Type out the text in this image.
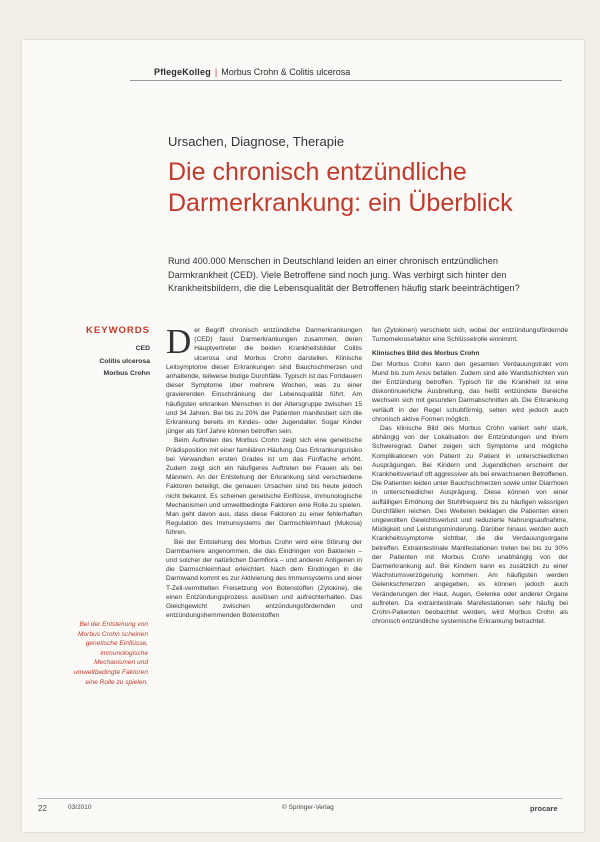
PflegeKolleg | Morbus Crohn & Colitis ulcerosa
Ursachen, Diagnose, Therapie
Die chronisch entzündliche
Darmerkrankung: ein Überblick
Rund 400.000 Menschen in Deutschland leiden an einer chronisch entzündlichen
Darmkrankheit (CED). Viele Betroffene sind noch jung. Was verbirgt sich hinter den
Krankheitsbildern, die die Lebensqualität der Betroffenen häufig stark beeinträchtigen?
KEYWORDS
CED
Colitis ulcerosa
Morbus Crohn
Bei der Entstehung von Morbus Crohn scheinen genetische Einflüsse, immunologische Mechanismen und umweltbedingte Faktoren eine Rolle zu spielen.

Der Begriff chronisch entzündliche Darmerkrankungen (CED) fasst Darmerkrankungen zusammen, deren Hauptvertreter die beiden Krankheitsbilder Colitis ulcerosa und Morbus Crohn darstellen. Klinische Leitsymptome dieser Erkrankungen sind Bauchschmerzen und anhaltende, teilweise blutige Durchfälle. Typisch ist das Fortdauern dieser Symptome über mehrere Wochen, was zu einer gravierenden Einschränkung der Lebensqualität führt. Am häufigsten erkranken Menschen in der Altersgruppe zwischen 15 und 34 Jahren. Bei bis zu 20% der Patienten manifestiert sich die Erkrankung bereits im Kindes- oder Jugendalter. Sogar Kinder jünger als fünf Jahre können betroffen sein.

Beim Auftreten des Morbus Crohn zeigt sich eine genetische Prädisposition mit einer familiären Häufung. Das Erkrankungsrisiko bei Verwandten ersten Grades ist um das Fünffache erhöht. Zudem zeigt sich ein häufigeres Auftreten bei Frauen als bei Männern. An der Entstehung der Erkrankung sind verschiedene Faktoren beteiligt, die genauen Ursachen sind bis heute jedoch nicht bekannt. Es scheinen genetische Einflüsse, immunologische Mechanismen und umweltbedingte Faktoren eine Rolle zu spielen. Man geht davon aus, dass diese Faktoren zu einer fehlerhaften Regulation des Immunsystems der Darmschleimhaut (Mukosa) führen.

Bei der Entstehung des Morbus Crohn wird eine Störung der Darmbarriere angenommen, die das Eindringen von Bakterien – und solcher der natürlichen Darmflora – und anderen Antigenen in die Darmschleimhaut erleichtert. Nach dem Eindringen in die Darmwand kommt es zur Aktivierung des Immunsystems und einer T-Zell-vermittelten Freisetzung von Botenstoffen (Zytokine), die einen Entzündungsprozess auslösen und aufrechterhalten. Das Gleichgewicht zwischen entzündungsfördernden und entzündungshemmenden Botenstoffen

fen (Zytokinen) verschiebt sich, wobei der entzündungsfördernde Tumornekrosefaktor eine Schlüsselrolle einnimmt.

Klinisches Bild des Morbus Crohn

Der Morbus Crohn kann den gesamten Verdauungstrakt vom Mund bis zum Anus befallen. Zudem sind alle Wandschichten von der Entzündung betroffen. Typisch für die Krankheit ist eine diskontinuierliche Ausbreitung, das heißt entzündete Bereiche wechseln sich mit gesunden Darmabschnitten ab. Die Erkrankung verläuft in der Regel schubförmig, selten wird jedoch auch chronisch aktive Formen möglich.

Das klinische Bild des Morbus Crohn variiert sehr stark, abhängig von der Lokalisation der Entzündungen und ihrem Schweregrad. Daher zeigen sich Symptome und mögliche Komplikationen von Patient zu Patient in unterschiedlichen Ausprägungen. Bei Kindern und Jugendlichen erscheint der Krankheitsverlauf oft aggressiver als bei erwachsenen Betroffenen. Die Patienten leiden unter Bauchschmerzen sowie unter Diarrhoen in unterschiedlicher Ausprägung. Diese können von einer auffälligen Erhöhung der Stuhlfrequenz bis zu häufigen wässrigen Durchfällen reichen. Des Weiteren beklagen die Patienten einen ungewollten Gewichtsverlust und reduzierte Nahrungsaufnahme, Müdigkeit und Leistungsminderung. Darüber hinaus werden auch Krankheitssymptome sichtbar, die die Verdauungsorgane betreffen. Extraintestinale Manifestationen treten bei bis zu 30% der Patienten mit Morbus Crohn unabhängig von der Darmerkrankung auf. Bei Kindern kann es zusätzlich zu einer Wachstumsverzögerung kommen. Am häufigsten werden Gelenkschmerzen angegeben, es können jedoch auch Veränderungen der Haut, Augen, Gelenke oder anderer Organe auftreten. Da extraintestinale Manifestationen sehr häufig bei Crohn-Patienten beobachtet werden, wird Morbus Crohn als chronisch entzündliche systemische Erkrankung betrachtet.

22	03/2010	© Springer-Verlag	procare
